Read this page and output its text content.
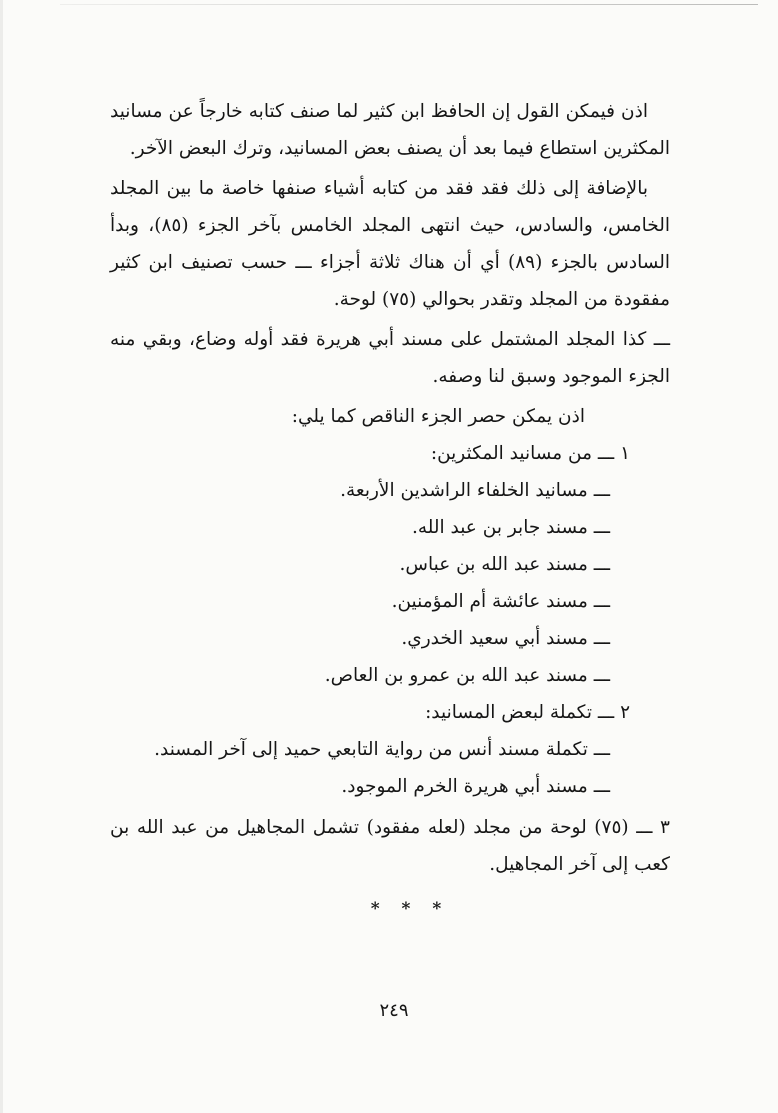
اذن فيمكن القول إن الحافظ ابن كثير لما صنف كتابه خارجاً عن مسانيد المكثرين استطاع فيما بعد أن يصنف بعض المسانيد، وترك البعض الآخر.

بالإضافة إلى ذلك فقد فقد من كتابه أشياء صنفها خاصة ما بين المجلد الخامس، والسادس، حيث انتهى المجلد الخامس بآخر الجزء (٨٥)، وبدأ السادس بالجزء (٨٩) أي أن هناك ثلاثة أجزاء ـــ حسب تصنيف ابن كثير مفقودة من المجلد وتقدر بحوالي (٧٥) لوحة.

ـــ كذا المجلد المشتمل على مسند أبي هريرة فقد أوله وضاع، وبقي منه الجزء الموجود وسبق لنا وصفه.

اذن يمكن حصر الجزء الناقص كما يلي:

١ ـــ من مسانيد المكثرين:

ـــ مسانيد الخلفاء الراشدين الأربعة.
ـــ مسند جابر بن عبد الله.
ـــ مسند عبد الله بن عباس.
ـــ مسند عائشة أم المؤمنين.
ـــ مسند أبي سعيد الخدري.
ـــ مسند عبد الله بن عمرو بن العاص.

٢ ـــ تكملة لبعض المسانيد:

ـــ تكملة مسند أنس من رواية التابعي حميد إلى آخر المسند.
ـــ مسند أبي هريرة الخرم الموجود.

٣ ـــ (٧٥) لوحة من مجلد (لعله مفقود) تشمل المجاهيل من عبد الله بن كعب إلى آخر المجاهيل.

* * *
٢٤٩
